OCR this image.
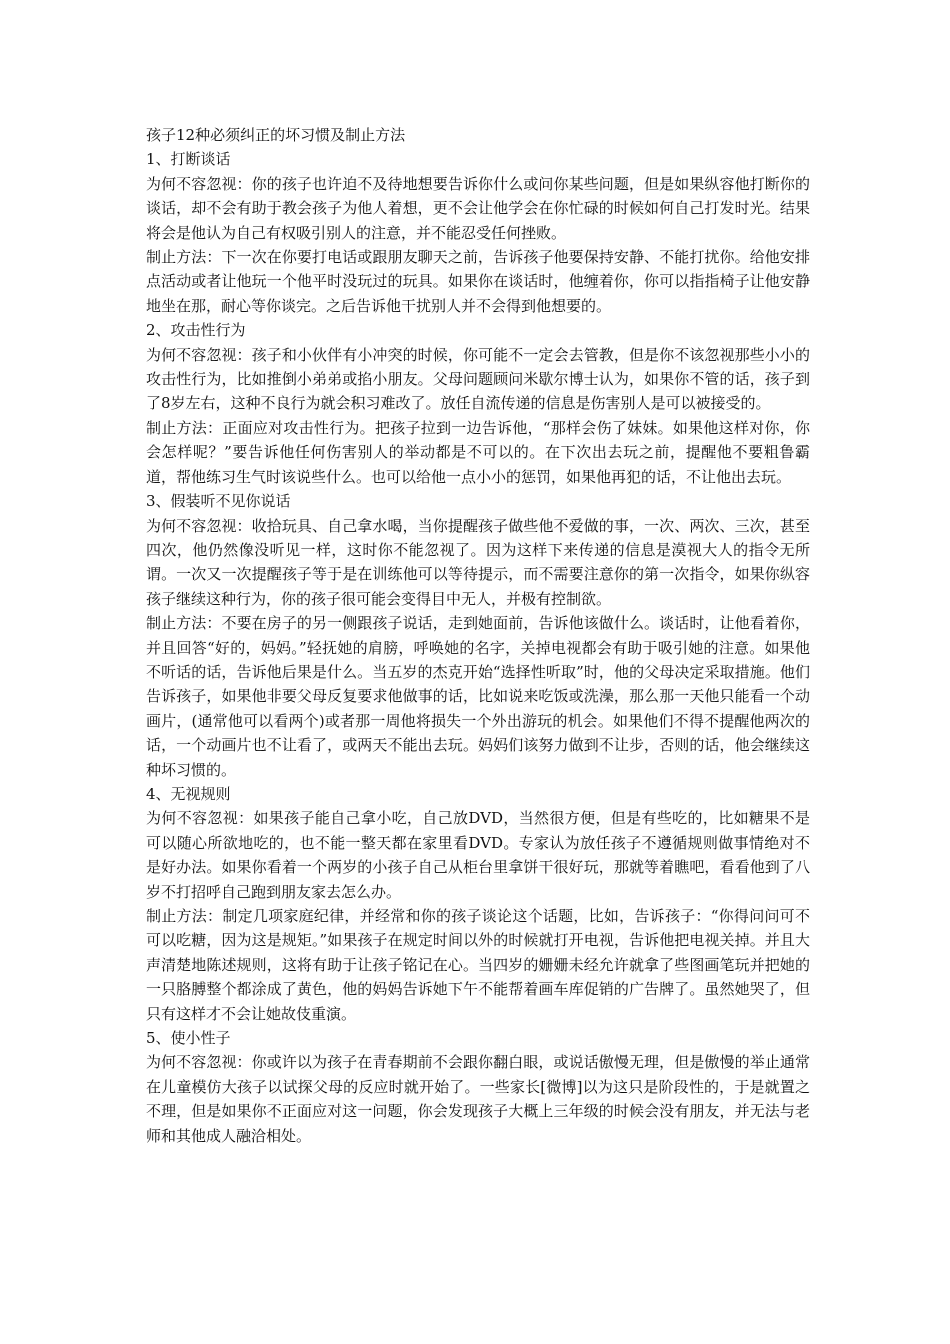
孩子12种必须纠正的坏习惯及制止方法

1、打断谈话

为何不容忽视：你的孩子也许迫不及待地想要告诉你什么或问你某些问题，但是如果纵容他打断你的谈话，却不会有助于教会孩子为他人着想，更不会让他学会在你忙碌的时候如何自己打发时光。结果将会是他认为自己有权吸引别人的注意，并不能忍受任何挫败。

制止方法：下一次在你要打电话或跟朋友聊天之前，告诉孩子他要保持安静、不能打扰你。给他安排点活动或者让他玩一个他平时没玩过的玩具。如果你在谈话时，他缠着你，你可以指指椅子让他安静地坐在那，耐心等你谈完。之后告诉他干扰别人并不会得到他想要的。

2、攻击性行为

为何不容忽视：孩子和小伙伴有小冲突的时候，你可能不一定会去管教，但是你不该忽视那些小小的攻击性行为，比如推倒小弟弟或掐小朋友。父母问题顾问米歇尔博士认为，如果你不管的话，孩子到了8岁左右，这种不良行为就会积习难改了。放任自流传递的信息是伤害别人是可以被接受的。

制止方法：正面应对攻击性行为。把孩子拉到一边告诉他，“那样会伤了妹妹。如果他这样对你，你会怎样呢？”要告诉他任何伤害别人的举动都是不可以的。在下次出去玩之前，提醒他不要粗鲁霸道，帮他练习生气时该说些什么。也可以给他一点小小的惩罚，如果他再犯的话，不让他出去玩。

3、假装听不见你说话

为何不容忽视：收拾玩具、自己拿水喝，当你提醒孩子做些他不爱做的事，一次、两次、三次，甚至四次，他仍然像没听见一样，这时你不能忽视了。因为这样下来传递的信息是漠视大人的指令无所谓。一次又一次提醒孩子等于是在训练他可以等待提示，而不需要注意你的第一次指令，如果你纵容孩子继续这种行为，你的孩子很可能会变得目中无人，并极有控制欲。

制止方法：不要在房子的另一侧跟孩子说话，走到她面前，告诉他该做什么。谈话时，让他看着你，并且回答“好的，妈妈。”轻抚她的肩膀，呼唤她的名字，关掉电视都会有助于吸引她的注意。如果他不听话的话，告诉他后果是什么。当五岁的杰克开始“选择性听取”时，他的父母决定采取措施。他们告诉孩子，如果他非要父母反复要求他做事的话，比如说来吃饭或洗澡，那么那一天他只能看一个动画片，(通常他可以看两个)或者那一周他将损失一个外出游玩的机会。如果他们不得不提醒他两次的话，一个动画片也不让看了，或两天不能出去玩。妈妈们该努力做到不让步，否则的话，他会继续这种坏习惯的。

4、无视规则

为何不容忽视：如果孩子能自己拿小吃，自己放DVD，当然很方便，但是有些吃的，比如糖果不是可以随心所欲地吃的，也不能一整天都在家里看DVD。专家认为放任孩子不遵循规则做事情绝对不是好办法。如果你看着一个两岁的小孩子自己从柜台里拿饼干很好玩，那就等着瞧吧，看看他到了八岁不打招呼自己跑到朋友家去怎么办。

制止方法：制定几项家庭纪律，并经常和你的孩子谈论这个话题，比如，告诉孩子：“你得问问可不可以吃糖，因为这是规矩。”如果孩子在规定时间以外的时候就打开电视，告诉他把电视关掉。并且大声清楚地陈述规则，这将有助于让孩子铭记在心。当四岁的姗姗未经允许就拿了些图画笔玩并把她的一只胳膊整个都涂成了黄色，他的妈妈告诉她下午不能帮着画车库促销的广告牌了。虽然她哭了，但只有这样才不会让她故伎重演。

5、使小性子

为何不容忽视：你或许以为孩子在青春期前不会跟你翻白眼，或说话傲慢无理，但是傲慢的举止通常在儿童模仿大孩子以试探父母的反应时就开始了。一些家长[微博]以为这只是阶段性的，于是就置之不理，但是如果你不正面应对这一问题，你会发现孩子大概上三年级的时候会没有朋友，并无法与老师和其他成人融洽相处。
